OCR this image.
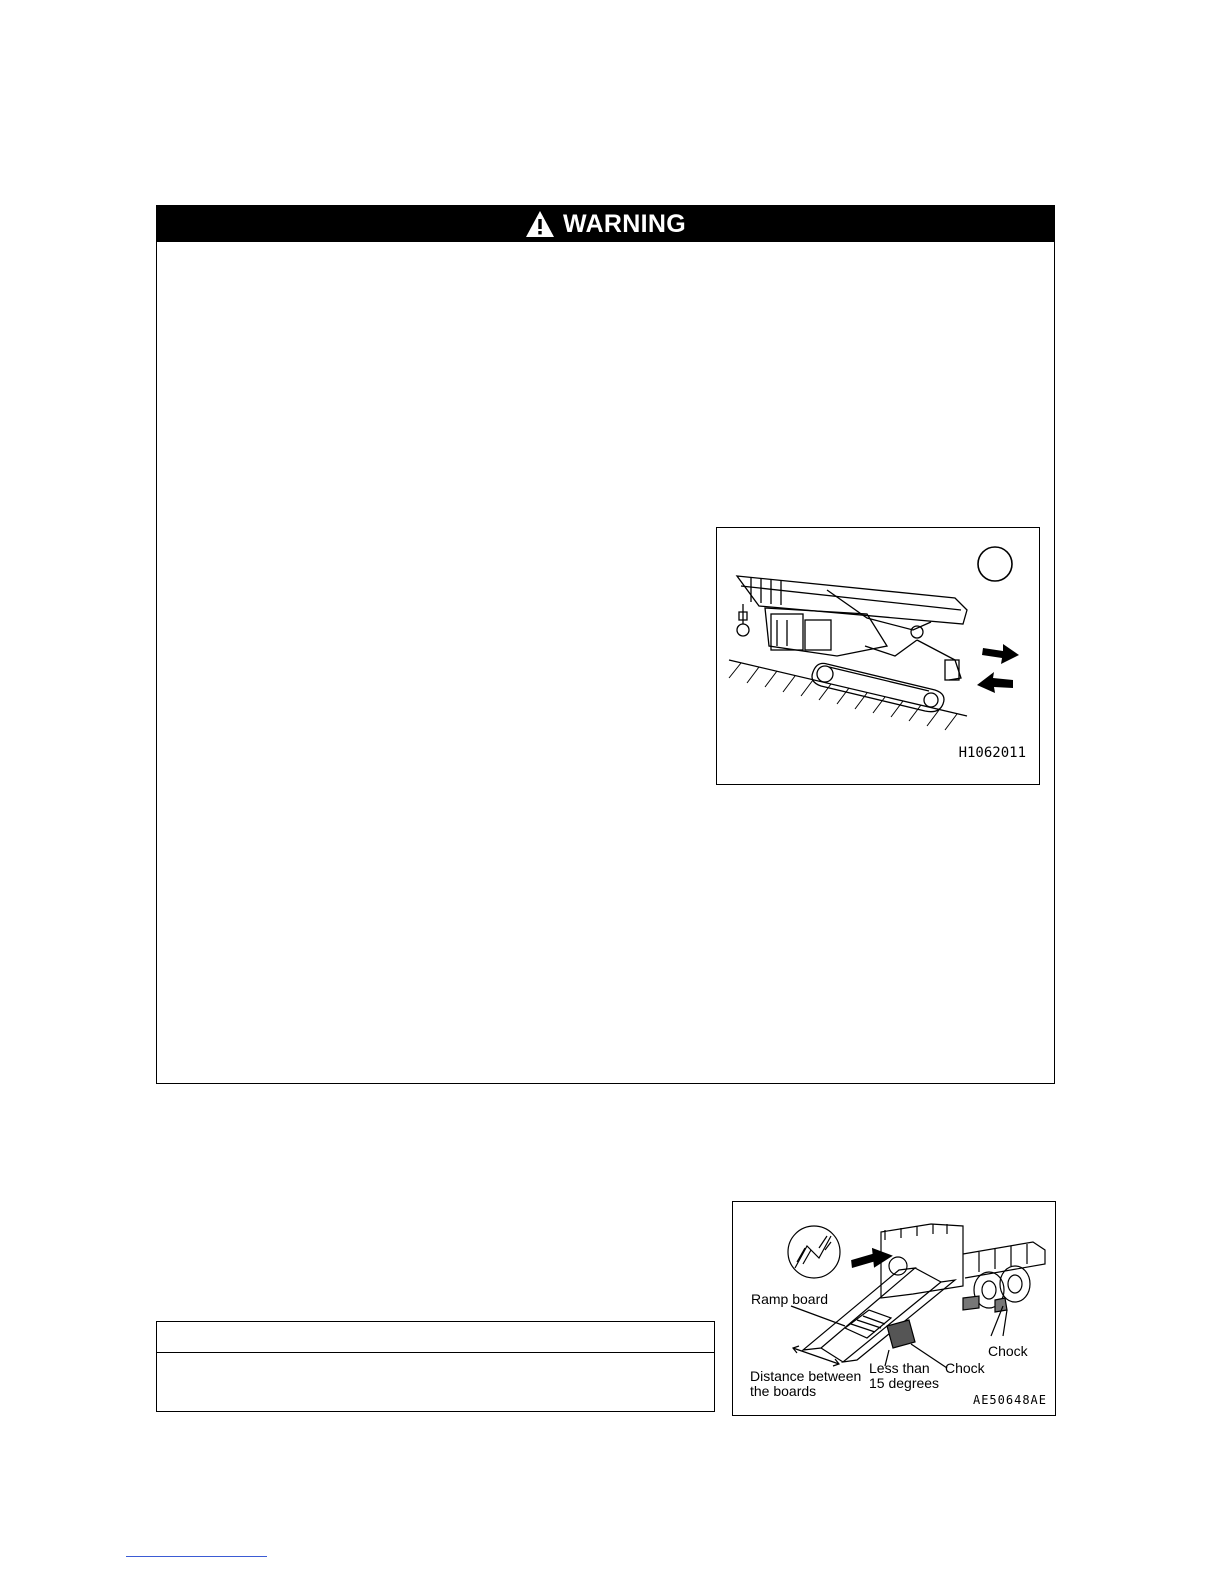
WARNING
H1062011
Ramp board
Chock
Chock
Less than
15 degrees
Distance between
the boards
AE50648AE
